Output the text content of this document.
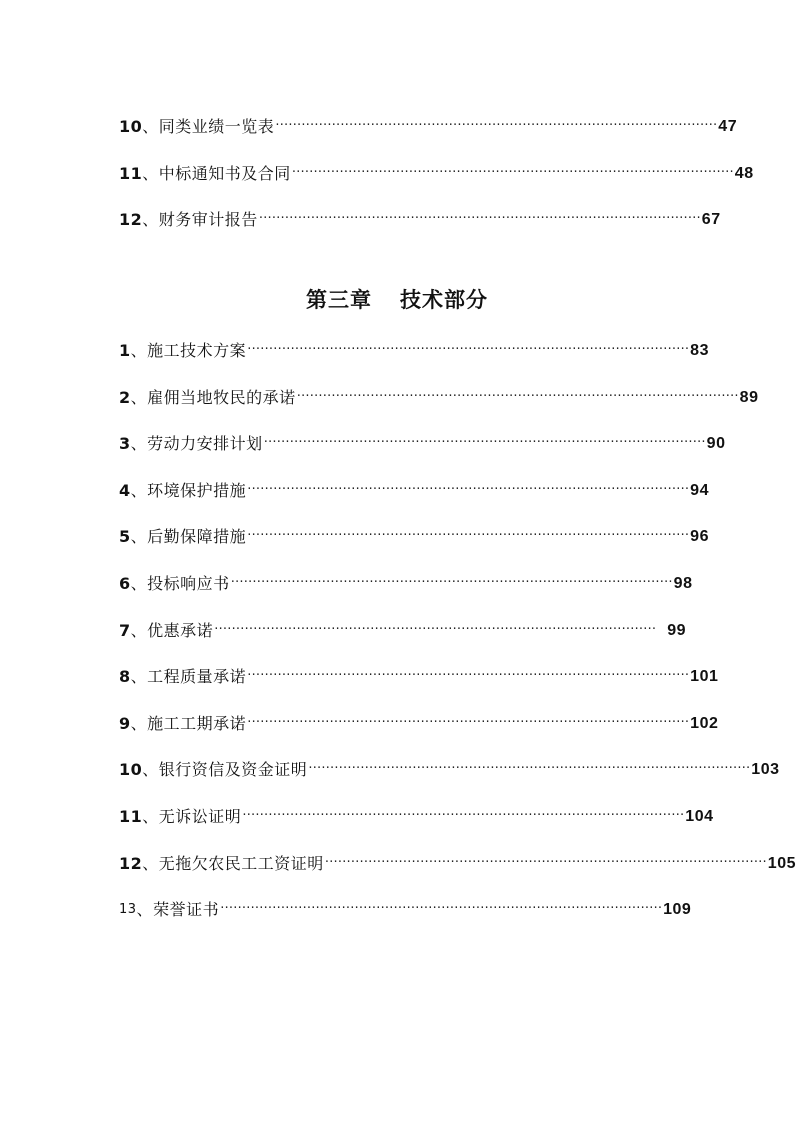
10 、 同类业绩一览表 ………………………………………………………………………………………… 47
11 、 中标通知书及合同 ………………………………………………………………………………………… 48
12 、 财务审计报告 ………………………………………………………………………………………… 67
第三章 技术部分
1 、 施工技术方案 ………………………………………………………………………………………… 83
2 、 雇佣当地牧民的承诺 ………………………………………………………………………………………… 89
3 、 劳动力安排计划 ………………………………………………………………………………………… 90
4 、 环境保护措施 ………………………………………………………………………………………… 94
5 、 后勤保障措施 ………………………………………………………………………………………… 96
6 、 投标响应书 ………………………………………………………………………………………… 98
7 、 优惠承诺 ………………………………………………………………………………………… 99
8 、 工程质量承诺 ………………………………………………………………………………………… 101
9 、 施工工期承诺 ………………………………………………………………………………………… 102
10 、 银行资信及资金证明 ………………………………………………………………………………………… 103
11 、 无诉讼证明 ………………………………………………………………………………………… 104
12 、 无拖欠农民工工资证明 ………………………………………………………………………………………… 105
13 、 荣誉证书 ………………………………………………………………………………………… 109
